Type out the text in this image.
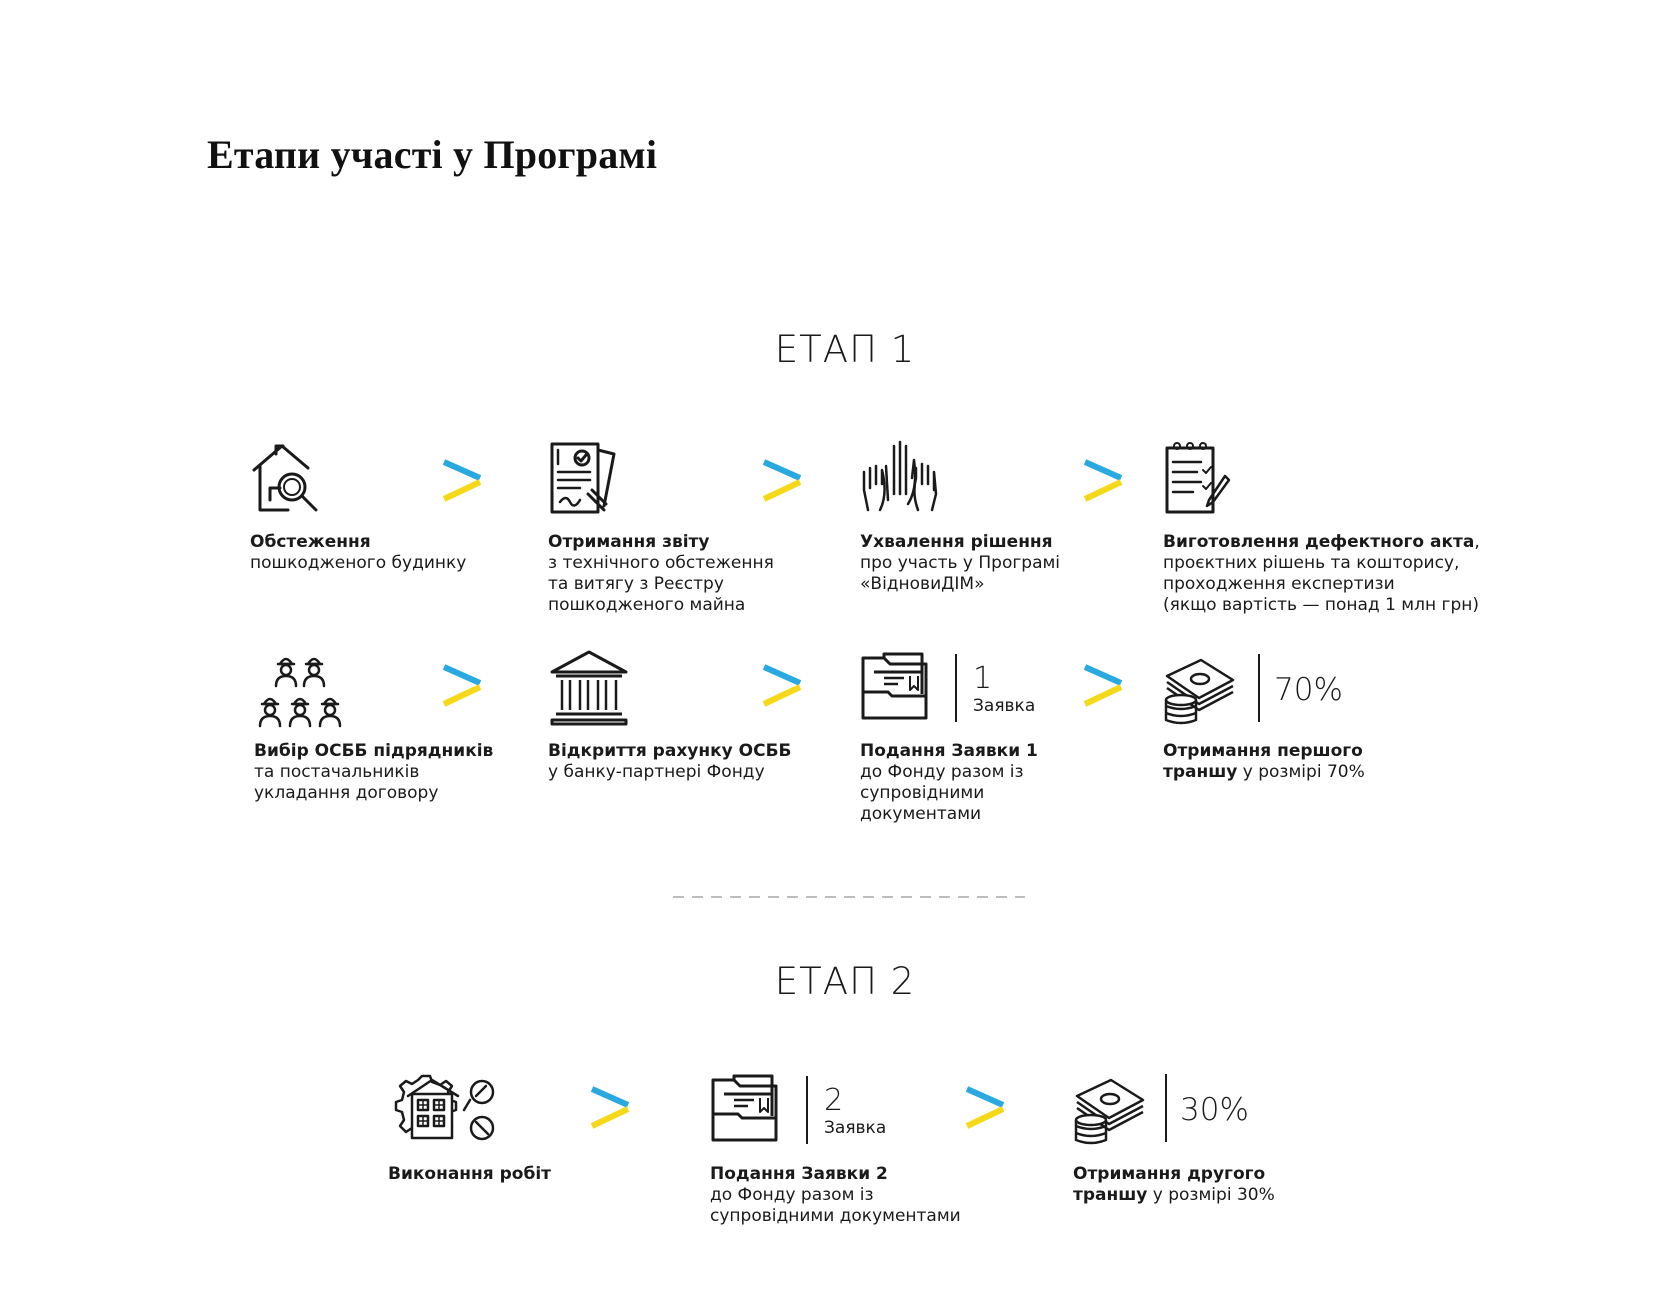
Етапи участі у Програмі
ЕТАП 1
Обстеження
пошкодженого будинку
Отримання звіту
з технічного обстеження
та витягу з Реєстру
пошкодженого майна
Ухвалення рішення
про участь у Програмі
«ВідновиДІМ»
Виготовлення дефектного акта,
проєктних рішень та кошторису,
проходження експертизи
(якщо вартість — понад 1 млн грн)
Вибір ОСББ підрядників
та постачальників
укладання договору
Відкриття рахунку ОСББ
у банку-партнері Фонду
1
Заявка
Подання Заявки 1
до Фонду разом із
супровідними
документами
70%
Отримання першого
траншу у розмірі 70%
ЕТАП 2
Виконання робіт
2
Заявка
Подання Заявки 2
до Фонду разом із
супровідними документами
30%
Отримання другого
траншу у розмірі 30%
